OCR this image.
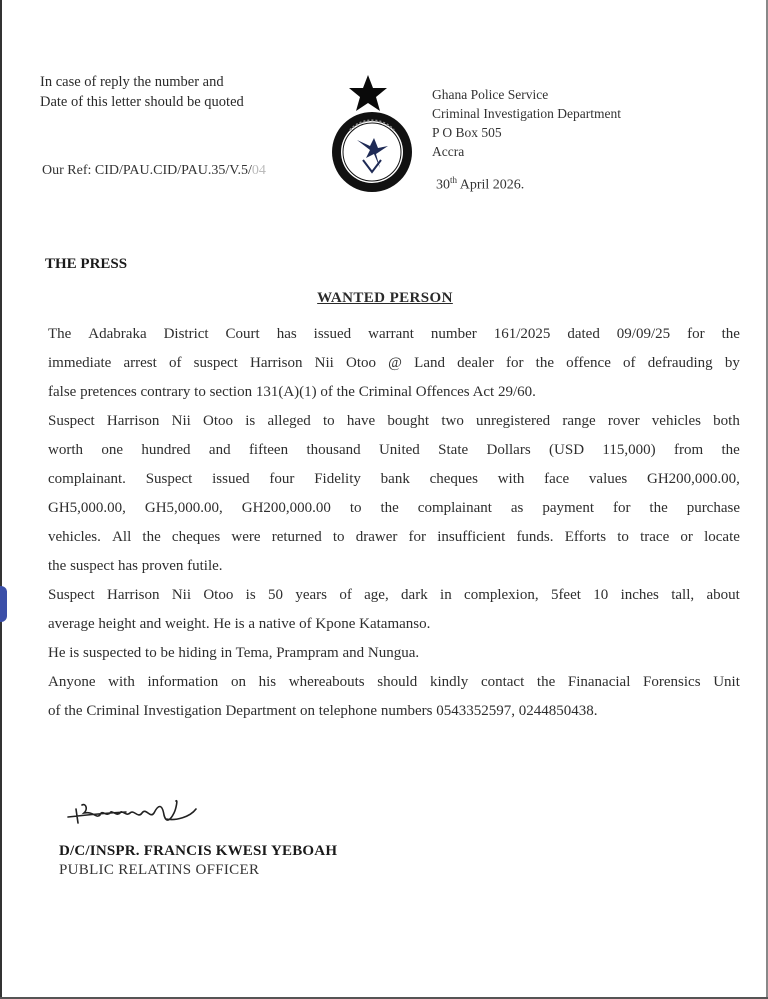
In case of reply the number and
Date of this letter should be quoted	Ghana Police Service
Criminal Investigation Department
P O Box 505
Accra
Our Ref: CID/PAU.CID/PAU.35/V.5/04
30th April 2026.
THE PRESS
WANTED PERSON
The Adabraka District Court has issued warrant number 161/2025 dated 09/09/25 for the
immediate arrest of suspect Harrison Nii Otoo @ Land dealer for the offence of defrauding by
false pretences contrary to section 131(A)(1) of the Criminal Offences Act 29/60.
Suspect Harrison Nii Otoo is alleged to have bought two unregistered range rover vehicles both
worth one hundred and fifteen thousand United State Dollars (USD 115,000) from the
complainant. Suspect issued four Fidelity bank cheques with face values GH200,000.00,
GH5,000.00, GH5,000.00, GH200,000.00 to the complainant as payment for the purchase
vehicles. All the cheques were returned to drawer for insufficient funds. Efforts to trace or locate
the suspect has proven futile.
Suspect Harrison Nii Otoo is 50 years of age, dark in complexion, 5feet 10 inches tall, about
average height and weight. He is a native of Kpone Katamanso.
He is suspected to be hiding in Tema, Prampram and Nungua.
Anyone with information on his whereabouts should kindly contact the Finanacial Forensics Unit
of the Criminal Investigation Department on telephone numbers 0543352597, 0244850438.
D/C/INSPR. FRANCIS KWESI YEBOAH
PUBLIC RELATINS OFFICER
